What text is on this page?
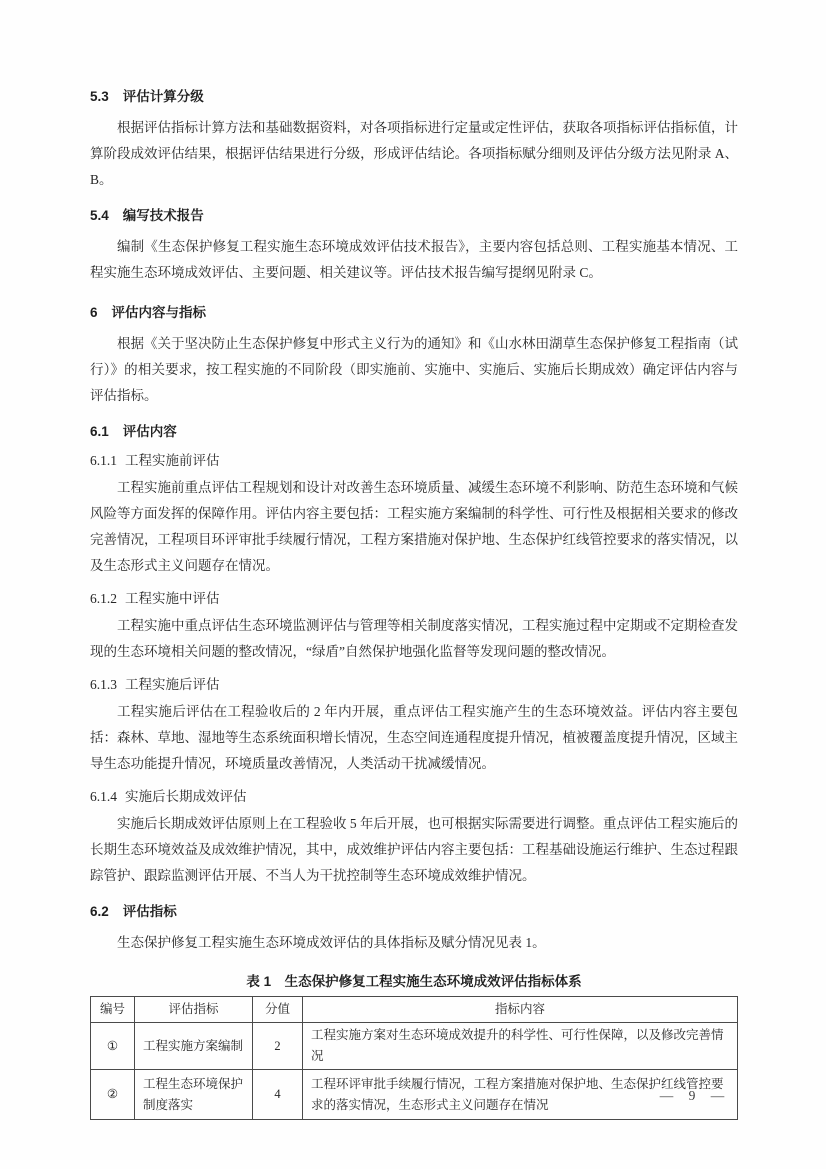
5.3 评估计算分级

根据评估指标计算方法和基础数据资料，对各项指标进行定量或定性评估，获取各项指标评估指标值，计算阶段成效评估结果，根据评估结果进行分级，形成评估结论。各项指标赋分细则及评估分级方法见附录 A、B。

5.4 编写技术报告

编制《生态保护修复工程实施生态环境成效评估技术报告》，主要内容包括总则、工程实施基本情况、工程实施生态环境成效评估、主要问题、相关建议等。评估技术报告编写提纲见附录 C。

6 评估内容与指标

根据《关于坚决防止生态保护修复中形式主义行为的通知》和《山水林田湖草生态保护修复工程指南（试行）》的相关要求，按工程实施的不同阶段（即实施前、实施中、实施后、实施后长期成效）确定评估内容与评估指标。

6.1 评估内容
6.1.1 工程实施前评估

工程实施前重点评估工程规划和设计对改善生态环境质量、减缓生态环境不利影响、防范生态环境和气候风险等方面发挥的保障作用。评估内容主要包括：工程实施方案编制的科学性、可行性及根据相关要求的修改完善情况，工程项目环评审批手续履行情况，工程方案措施对保护地、生态保护红线管控要求的落实情况，以及生态形式主义问题存在情况。

6.1.2 工程实施中评估

工程实施中重点评估生态环境监测评估与管理等相关制度落实情况，工程实施过程中定期或不定期检查发现的生态环境相关问题的整改情况，“绿盾”自然保护地强化监督等发现问题的整改情况。

6.1.3 工程实施后评估

工程实施后评估在工程验收后的 2 年内开展，重点评估工程实施产生的生态环境效益。评估内容主要包括：森林、草地、湿地等生态系统面积增长情况，生态空间连通程度提升情况，植被覆盖度提升情况，区域主导生态功能提升情况，环境质量改善情况，人类活动干扰减缓情况。

6.1.4 实施后长期成效评估

实施后长期成效评估原则上在工程验收 5 年后开展，也可根据实际需要进行调整。重点评估工程实施后的长期生态环境效益及成效维护情况，其中，成效维护评估内容主要包括：工程基础设施运行维护、生态过程跟踪管护、跟踪监测评估开展、不当人为干扰控制等生态环境成效维护情况。

6.2 评估指标

生态保护修复工程实施生态环境成效评估的具体指标及赋分情况见表 1。

表 1　生态保护修复工程实施生态环境成效评估指标体系
编号	评估指标	分值	指标内容
①	工程实施方案编制	2	工程实施方案对生态环境成效提升的科学性、可行性保障，以及修改完善情况
②	工程生态环境保护制度落实	4	工程环评审批手续履行情况，工程方案措施对保护地、生态保护红线管控要求的落实情况，生态形式主义问题存在情况
— 9 —
